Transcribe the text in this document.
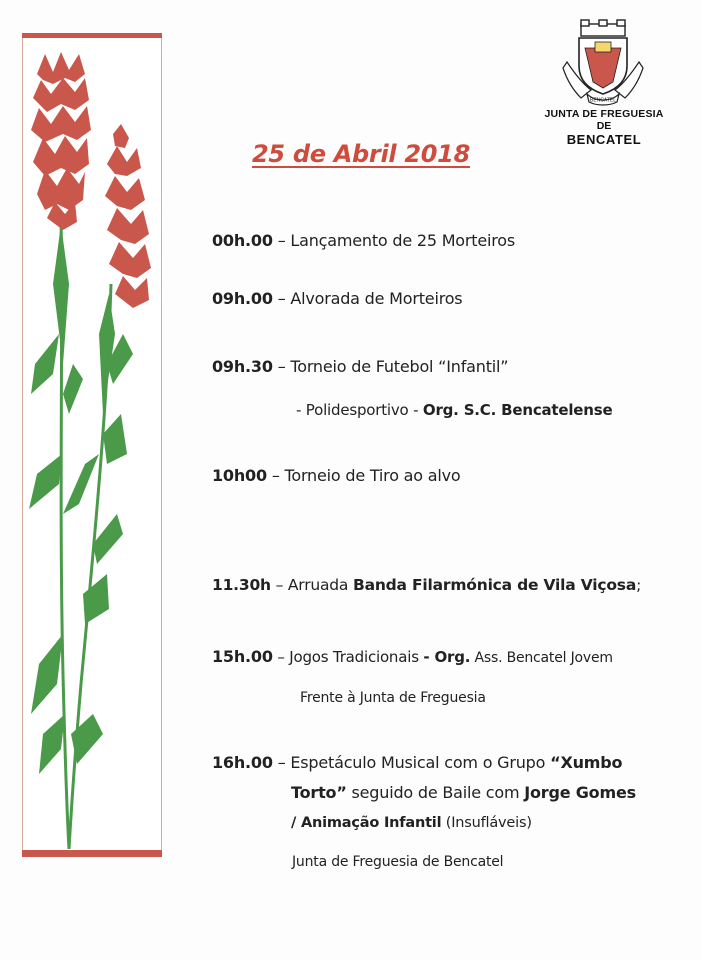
BENCATEL
JUNTA DE FREGUESIA
DE
BENCATEL
25 de Abril 2018
00h.00 – Lançamento de 25 Morteiros
09h.00 – Alvorada de Morteiros
09h.30 – Torneio de Futebol “Infantil”
- Polidesportivo - Org. S.C. Bencatelense
10h00 – Torneio de Tiro ao alvo
11.30h – Arruada Banda Filarmónica de Vila Viçosa;
15h.00 – Jogos Tradicionais - Org. Ass. Bencatel Jovem
Frente à Junta de Freguesia
16h.00 – Espetáculo Musical com o Grupo “Xumbo
Torto” seguido de Baile com Jorge Gomes
/ Animação Infantil (Insufláveis)
Junta de Freguesia de Bencatel
